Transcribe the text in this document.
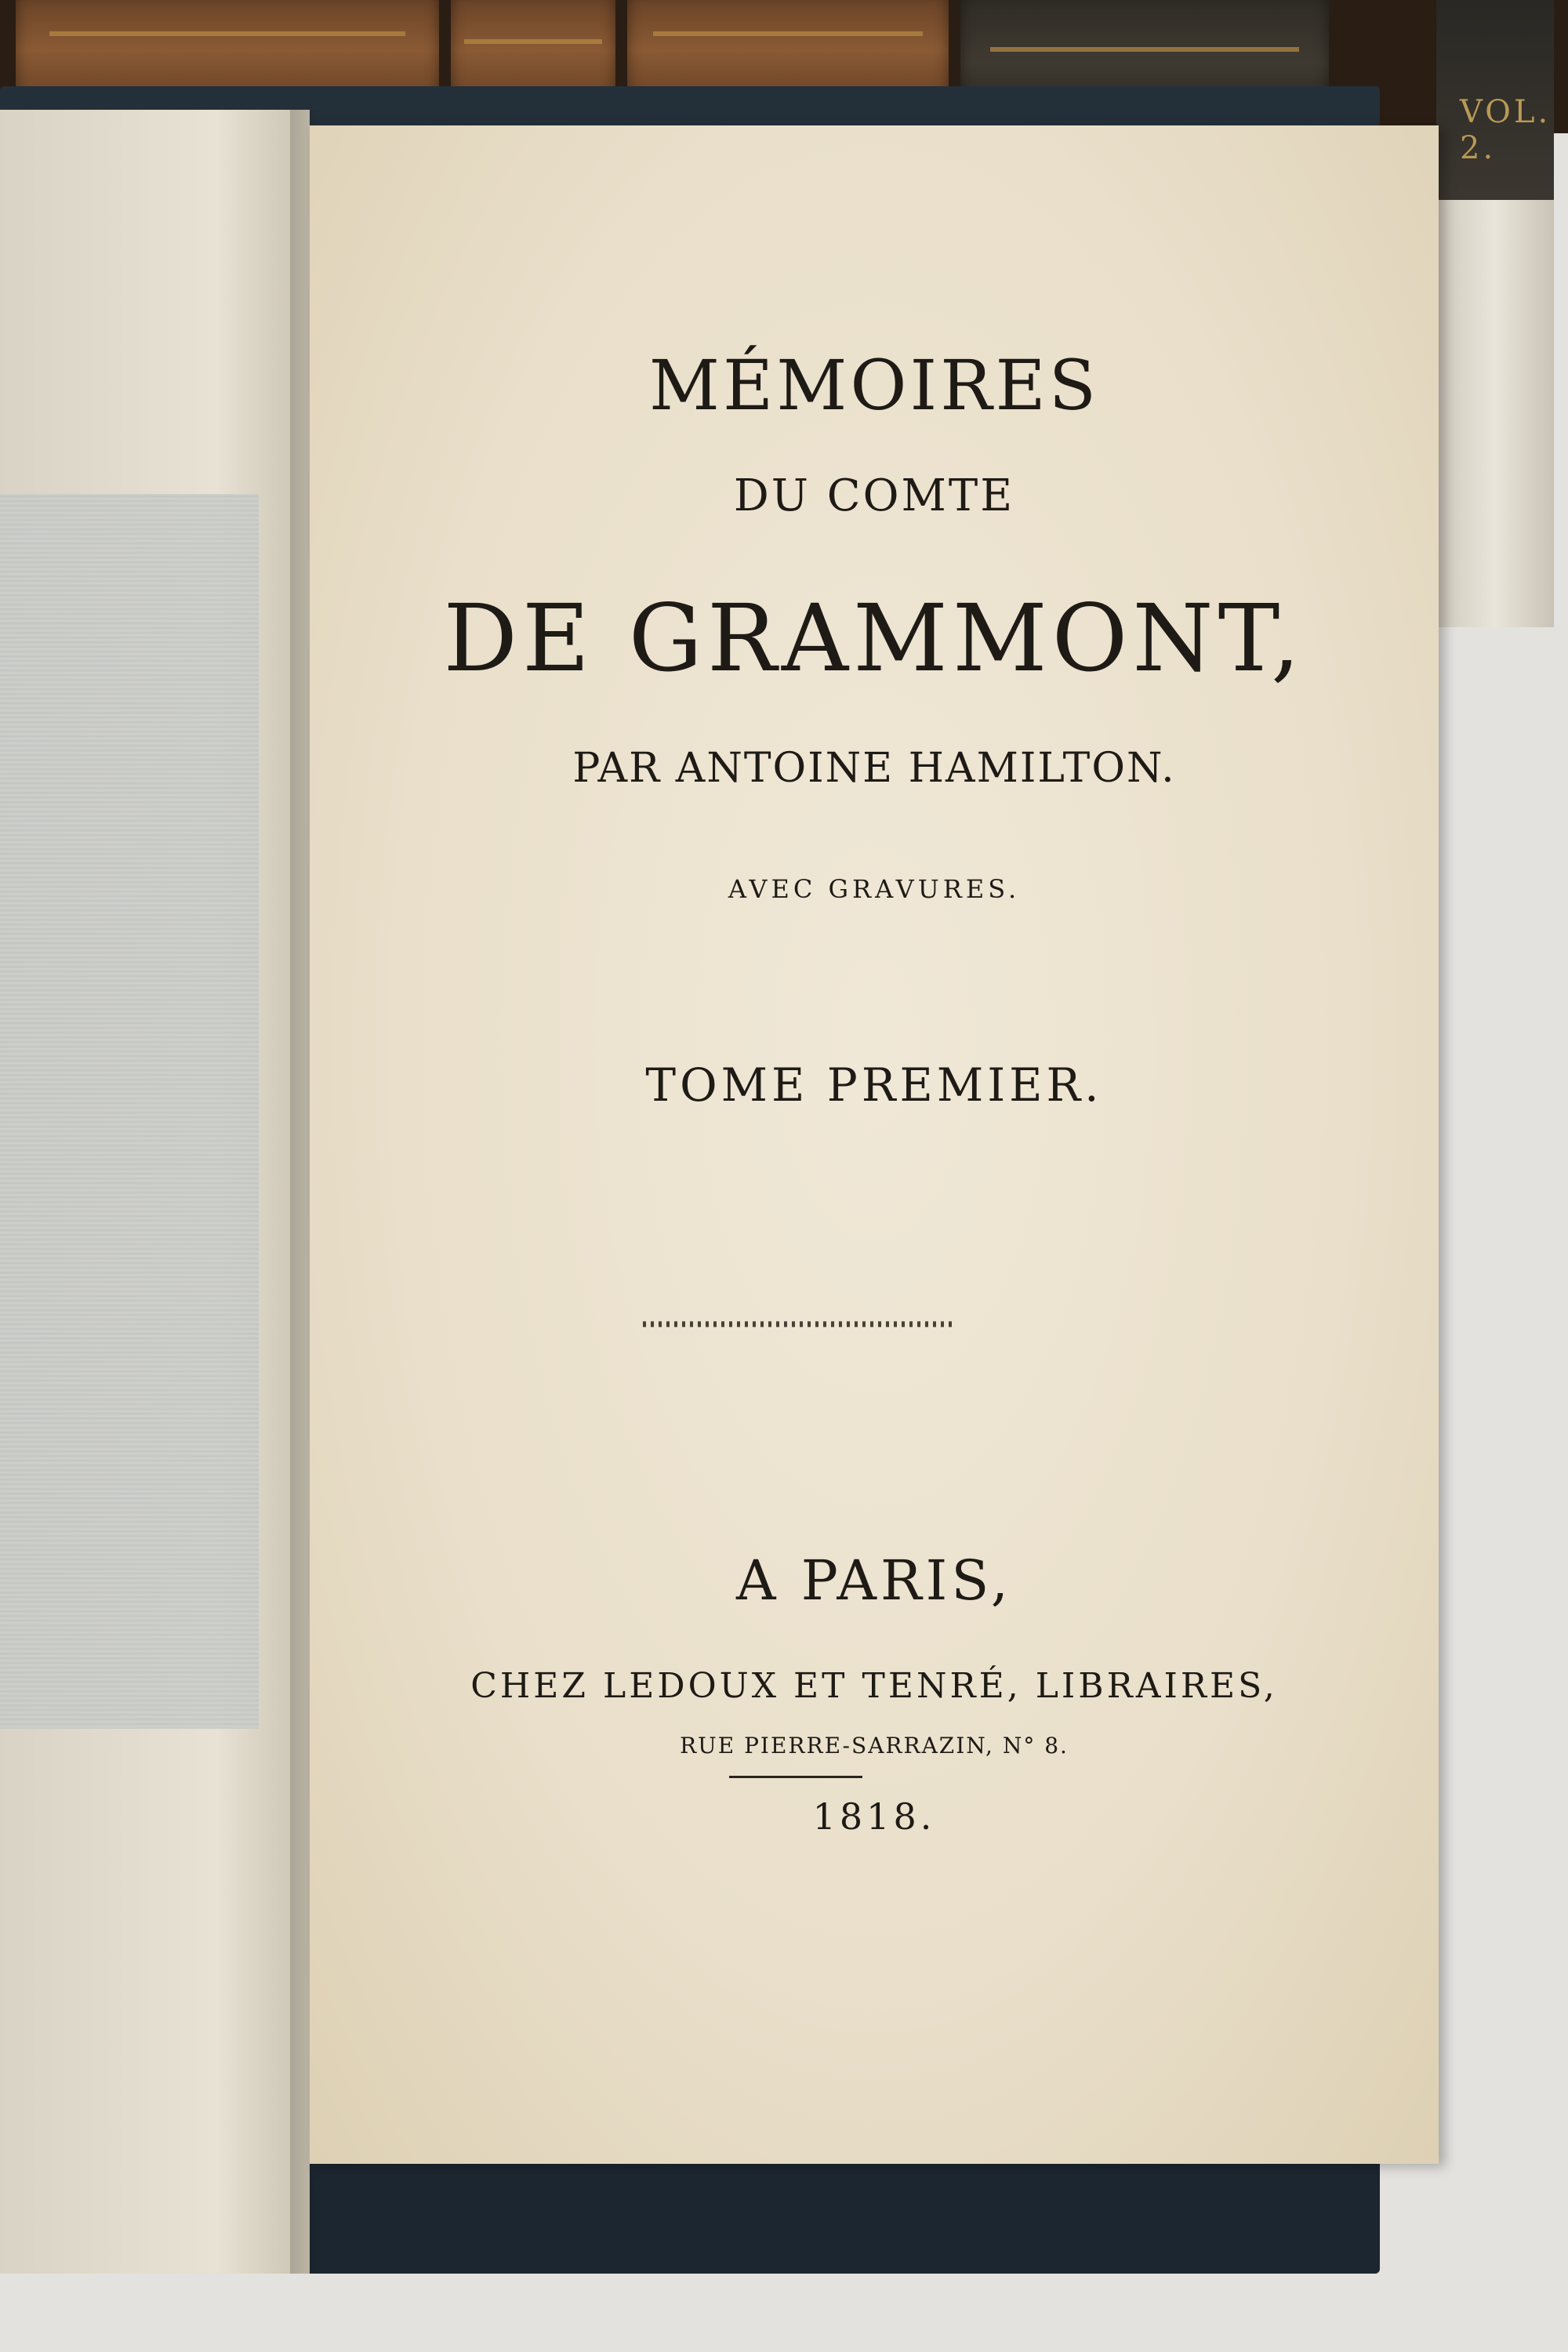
VOL. 2.
MÉMOIRES
DU COMTE
DE GRAMMONT,
PAR ANTOINE HAMILTON.
AVEC GRAVURES.
TOME PREMIER.
A PARIS,
CHEZ LEDOUX ET TENRÉ, LIBRAIRES,
RUE PIERRE-SARRAZIN, N° 8.
1818.
